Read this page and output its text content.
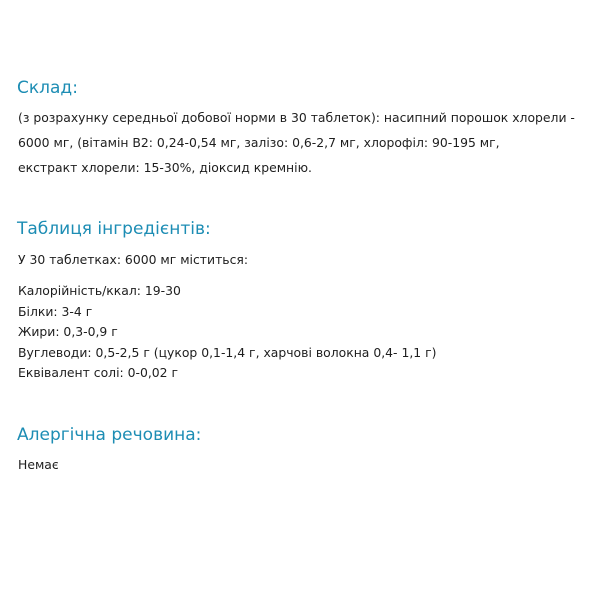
Склад:

(з розрахунку середньої добової норми в 30 таблеток): насипний порошок хлорели -

6000 мг, (вітамін В2: 0,24-0,54 мг, залізо: 0,6-2,7 мг, хлорофіл: 90-195 мг,

екстракт хлорели: 15-30%, діоксид кремнію.

Таблиця інгредієнтів:

У 30 таблетках: 6000 мг міститься:

Калорійність/ккал: 19-30

Білки: 3-4 г

Жири: 0,3-0,9 г

Вуглеводи: 0,5-2,5 г (цукор 0,1-1,4 г, харчові волокна 0,4- 1,1 г)

Еквівалент солі: 0-0,02 г

Алергічна речовина:

Немає
